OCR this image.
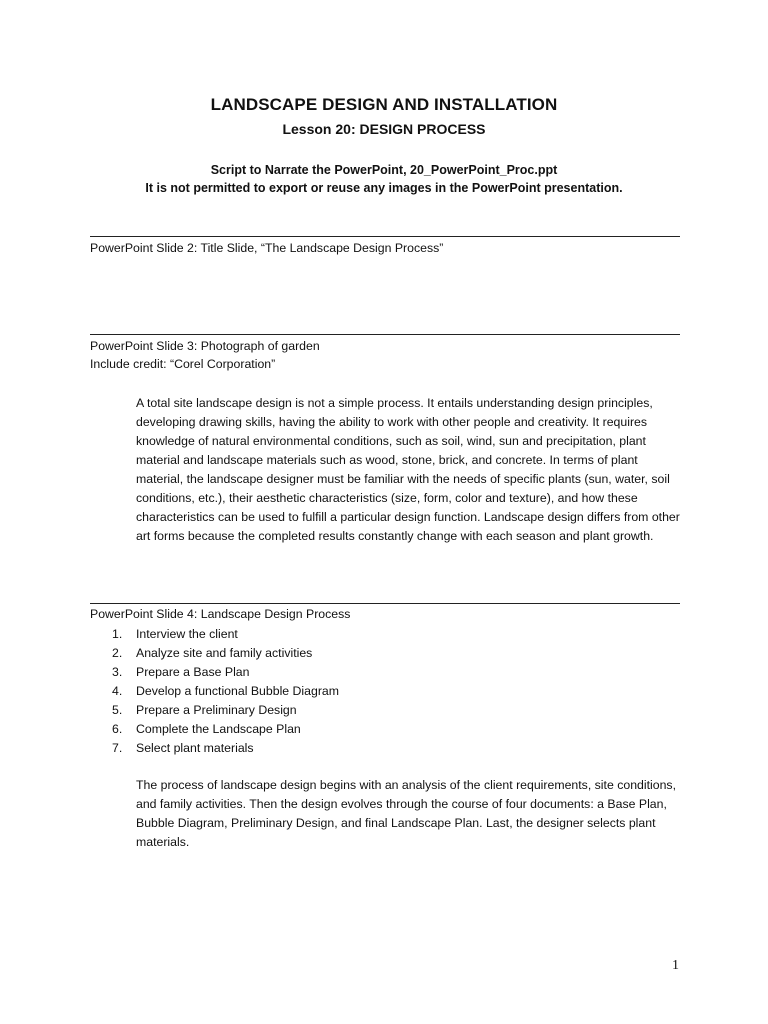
LANDSCAPE DESIGN AND INSTALLATION
Lesson 20: DESIGN PROCESS
Script to Narrate the PowerPoint, 20_PowerPoint_Proc.ppt
It is not permitted to export or reuse any images in the PowerPoint presentation.
PowerPoint Slide 2: Title Slide, “The Landscape Design Process”
PowerPoint Slide 3: Photograph of garden
Include credit: “Corel Corporation”

A total site landscape design is not a simple process. It entails understanding design principles, developing drawing skills, having the ability to work with other people and creativity. It requires knowledge of natural environmental conditions, such as soil, wind, sun and precipitation, plant material and landscape materials such as wood, stone, brick, and concrete. In terms of plant material, the landscape designer must be familiar with the needs of specific plants (sun, water, soil conditions, etc.), their aesthetic characteristics (size, form, color and texture), and how these characteristics can be used to fulfill a particular design function. Landscape design differs from other art forms because the completed results constantly change with each season and plant growth.

PowerPoint Slide 4: Landscape Design Process
1. Interview the client
2. Analyze site and family activities
3. Prepare a Base Plan
4. Develop a functional Bubble Diagram
5. Prepare a Preliminary Design
6. Complete the Landscape Plan
7. Select plant materials

The process of landscape design begins with an analysis of the client requirements, site conditions, and family activities. Then the design evolves through the course of four documents: a Base Plan, Bubble Diagram, Preliminary Design, and final Landscape Plan. Last, the designer selects plant materials.

1
